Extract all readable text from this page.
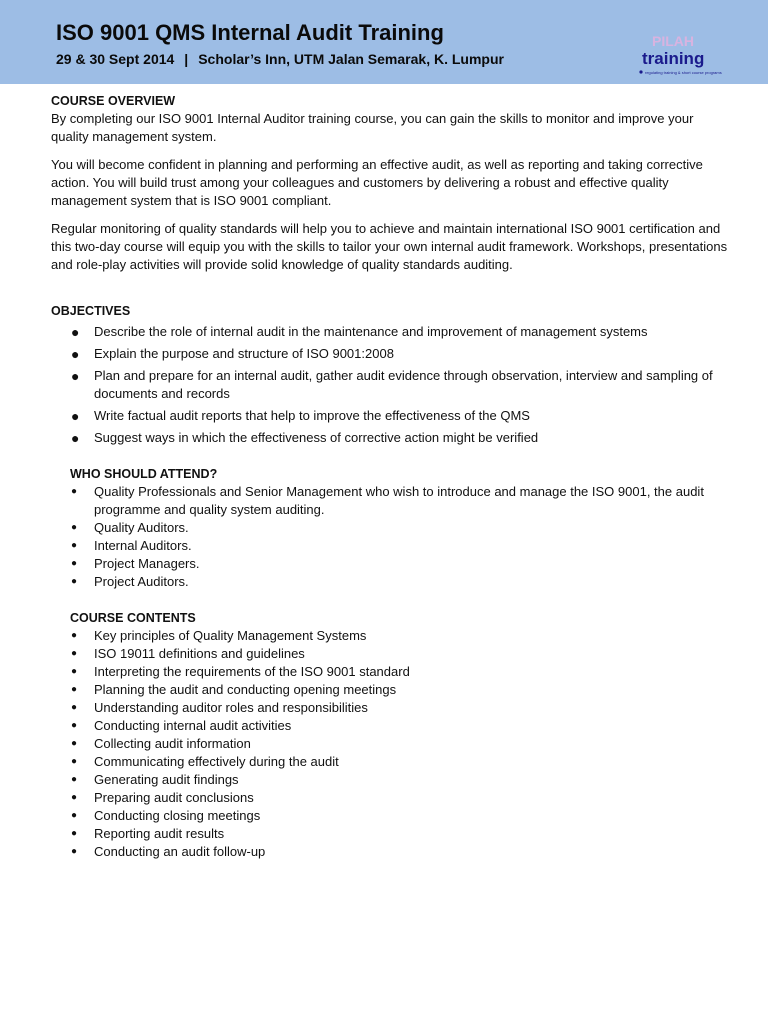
ISO 9001 QMS Internal Audit Training
29 & 30 Sept 2014 | Scholar’s Inn, UTM Jalan Semarak, K. Lumpur
PILAH
training
regulating training & short course programs

COURSE OVERVIEW

By completing our ISO 9001 Internal Auditor training course, you can gain the skills to monitor and improve your quality management system.

You will become confident in planning and performing an effective audit, as well as reporting and taking corrective action. You will build trust among your colleagues and customers by delivering a robust and effective quality management system that is ISO 9001 compliant.

Regular monitoring of quality standards will help you to achieve and maintain international ISO 9001 certification and this two-day course will equip you with the skills to tailor your own internal audit framework. Workshops, presentations and role-play activities will provide solid knowledge of quality standards auditing.

OBJECTIVES

● Describe the role of internal audit in the maintenance and improvement of management systems
● Explain the purpose and structure of ISO 9001:2008
● Plan and prepare for an internal audit, gather audit evidence through observation, interview and sampling of documents and records
● Write factual audit reports that help to improve the effectiveness of the QMS
● Suggest ways in which the effectiveness of corrective action might be verified

WHO SHOULD ATTEND?

● Quality Professionals and Senior Management who wish to introduce and manage the ISO 9001, the audit programme and quality system auditing.
● Quality Auditors.
● Internal Auditors.
● Project Managers.
● Project Auditors.

COURSE CONTENTS

● Key principles of Quality Management Systems
● ISO 19011 definitions and guidelines
● Interpreting the requirements of the ISO 9001 standard
● Planning the audit and conducting opening meetings
● Understanding auditor roles and responsibilities
● Conducting internal audit activities
● Collecting audit information
● Communicating effectively during the audit
● Generating audit findings
● Preparing audit conclusions
● Conducting closing meetings
● Reporting audit results
● Conducting an audit follow-up
